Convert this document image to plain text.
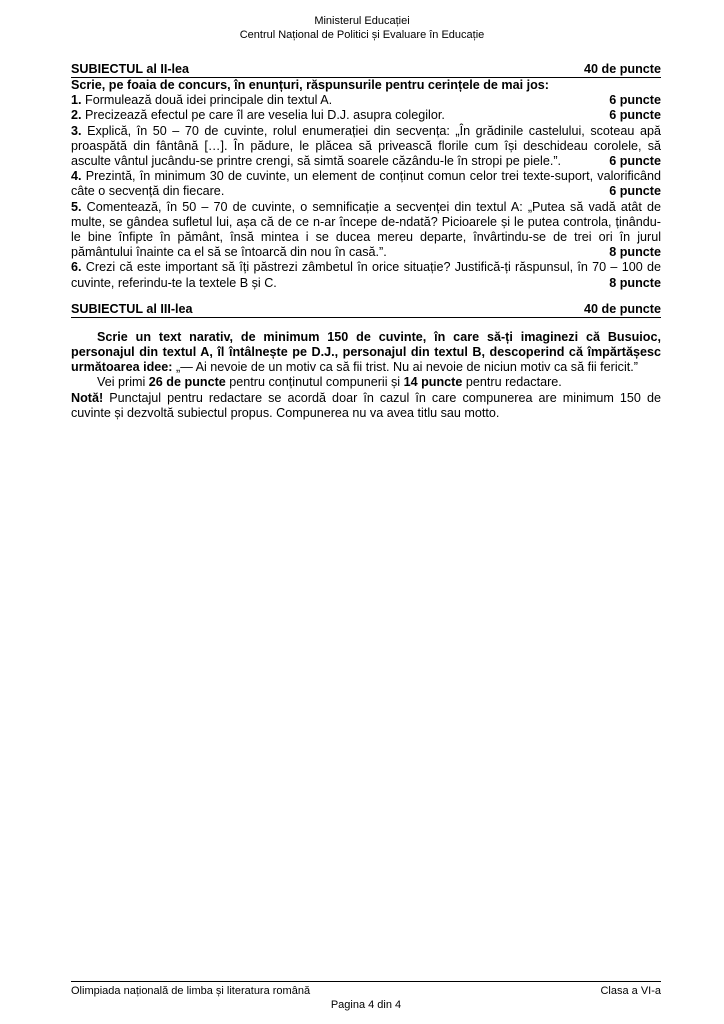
Ministerul Educației
Centrul Național de Politici și Evaluare în Educație
SUBIECTUL al II-lea	40 de puncte
Scrie, pe foaia de concurs, în enunțuri, răspunsurile pentru cerințele de mai jos:
1. Formulează două idei principale din textul A.	6 puncte
2. Precizează efectul pe care îl are veselia lui D.J. asupra colegilor.	6 puncte
3. Explică, în 50 – 70 de cuvinte, rolul enumerației din secvența: „În grădinile castelului, scoteau apă proaspătă din fântână […]. În pădure, le plăcea să privească florile cum își deschideau corolele, să asculte vântul jucându-se printre crengi, să simtă soarele căzându-le în stropi pe piele.”.	6 puncte
4. Prezintă, în minimum 30 de cuvinte, un element de conținut comun celor trei texte-suport, valorificând câte o secvență din fiecare.	6 puncte
5. Comentează, în 50 – 70 de cuvinte, o semnificație a secvenței din textul A: „Putea să vadă atât de multe, se gândea sufletul lui, așa că de ce n-ar începe de-ndată? Picioarele și le putea controla, ținându-le bine înfipte în pământ, însă mintea i se ducea mereu departe, învârtindu-se de trei ori în jurul pământului înainte ca el să se întoarcă din nou în casă.”.	8 puncte
6. Crezi că este important să îți păstrezi zâmbetul în orice situație? Justifică-ți răspunsul, în 70 – 100 de cuvinte, referindu-te la textele B și C.	8 puncte
SUBIECTUL al III-lea	40 de puncte
Scrie un text narativ, de minimum 150 de cuvinte, în care să-ți imaginezi că Busuioc, personajul din textul A, îl întâlnește pe D.J., personajul din textul B, descoperind că împărtășesc următoarea idee: „— Ai nevoie de un motiv ca să fii trist. Nu ai nevoie de niciun motiv ca să fii fericit.”
Vei primi 26 de puncte pentru conținutul compunerii și 14 puncte pentru redactare.
Notă! Punctajul pentru redactare se acordă doar în cazul în care compunerea are minimum 150 de cuvinte și dezvoltă subiectul propus. Compunerea nu va avea titlu sau motto.
Olimpiada națională de limba și literatura română	Clasa a VI-a
Pagina 4 din 4
